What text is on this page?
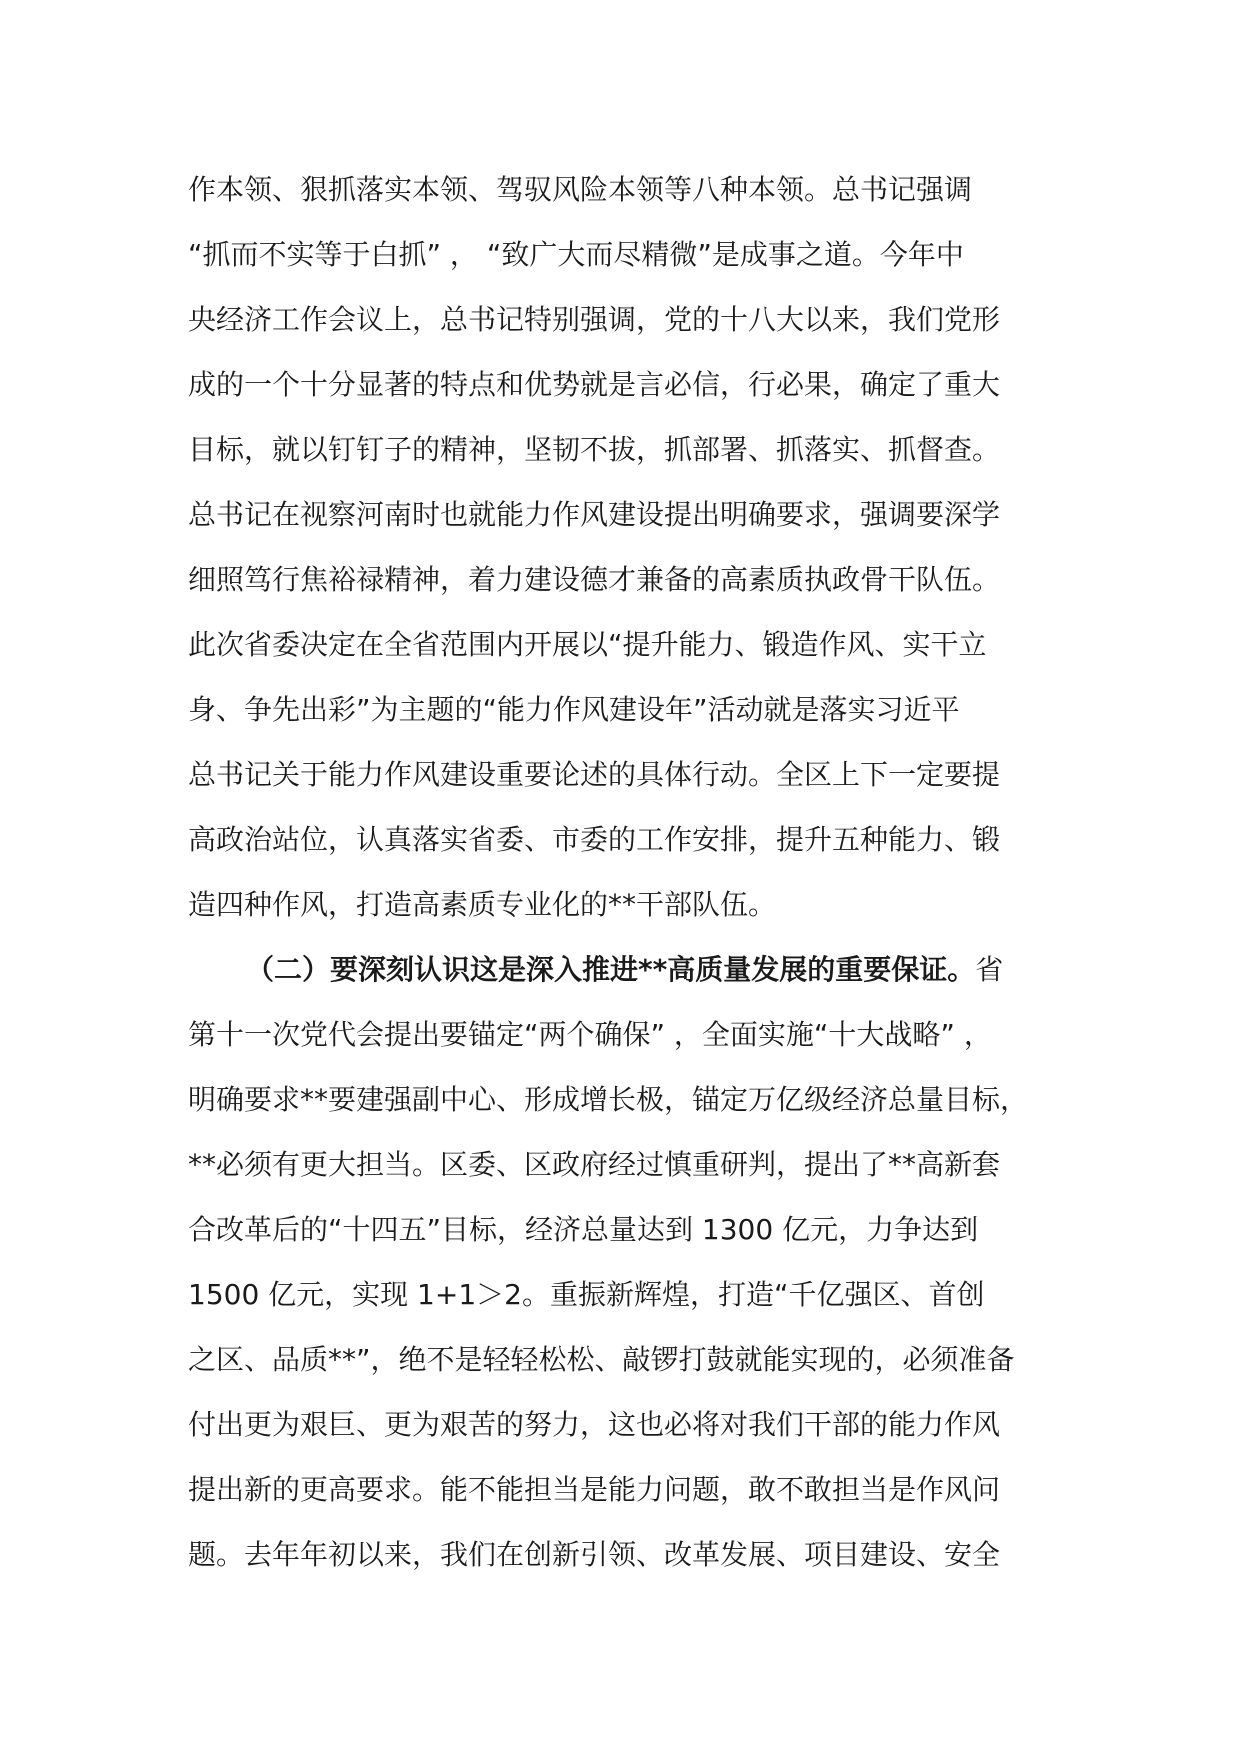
作本领、狠抓落实本领、驾驭风险本领等八种本领。总书记强调
“抓而不实等于白抓” ， “致广大而尽精微”是成事之道。今年中
央经济工作会议上，总书记特别强调，党的十八大以来，我们党形
成的一个十分显著的特点和优势就是言必信，行必果，确定了重大
目标，就以钉钉子的精神，坚韧不拔，抓部署、抓落实、抓督查。
总书记在视察河南时也就能力作风建设提出明确要求，强调要深学
细照笃行焦裕禄精神，着力建设德才兼备的高素质执政骨干队伍。
此次省委决定在全省范围内开展以“提升能力、锻造作风、实干立
身、争先出彩”为主题的“能力作风建设年”活动就是落实习近平
总书记关于能力作风建设重要论述的具体行动。全区上下一定要提
高政治站位，认真落实省委、市委的工作安排，提升五种能力、锻
造四种作风，打造高素质专业化的**干部队伍。
（二）要深刻认识这是深入推进**高质量发展的重要保证。省
第十一次党代会提出要锚定“两个确保” ，全面实施“十大战略” ，
明确要求**要建强副中心、形成增长极，锚定万亿级经济总量目标，
**必须有更大担当。区委、区政府经过慎重研判，提出了**高新套
合改革后的“十四五”目标，经济总量达到 1300 亿元，力争达到
1500 亿元，实现 1+1＞2。重振新辉煌，打造“千亿强区、首创
之区、品质**”，绝不是轻轻松松、敲锣打鼓就能实现的，必须准备
付出更为艰巨、更为艰苦的努力，这也必将对我们干部的能力作风
提出新的更高要求。能不能担当是能力问题，敢不敢担当是作风问
题。去年年初以来，我们在创新引领、改革发展、项目建设、安全
